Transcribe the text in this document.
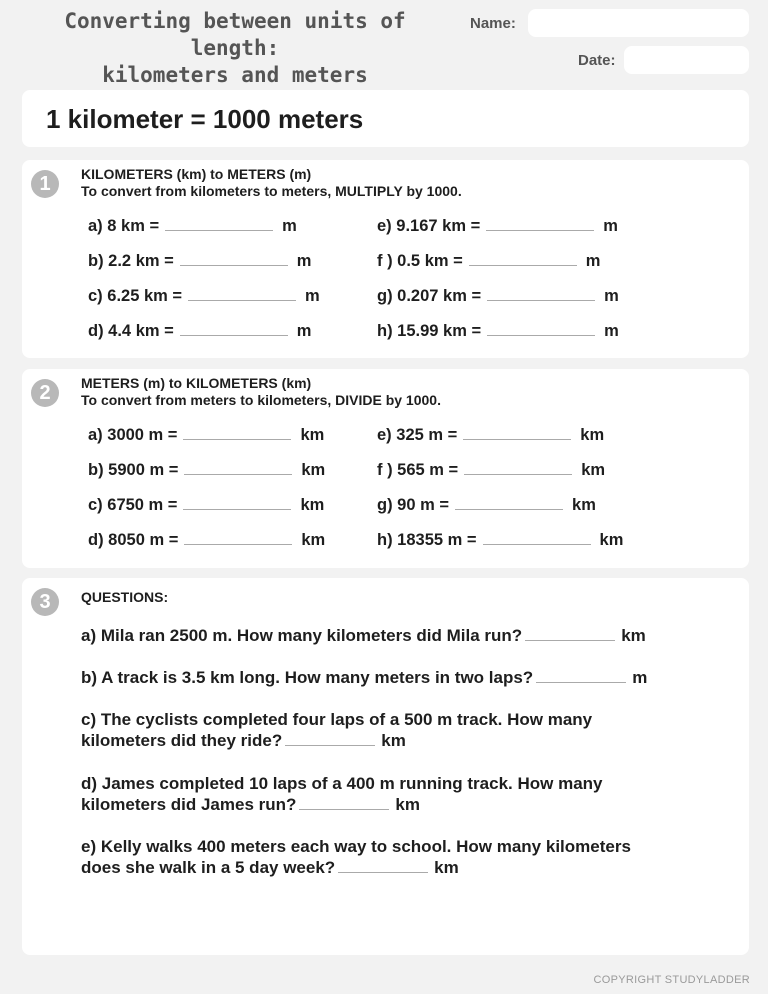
Converting between units of length:
kilometers and meters
Name:
Date:
1 kilometer = 1000 meters
1	KILOMETERS (km) to METERS (m)
To convert from kilometers to meters, MULTIPLY by 1000.
a) 8 km =	m
b) 2.2 km =	m
c) 6.25 km =	m
d) 4.4 km =	m
e) 9.167 km =	m
f ) 0.5 km =	m
g) 0.207 km =	m
h) 15.99 km =	m
2	METERS (m) to KILOMETERS (km)
To convert from meters to kilometers, DIVIDE by 1000.
a) 3000 m =	km
b) 5900 m =	km
c) 6750 m =	km
d) 8050 m =	km
e) 325 m =	km
f ) 565 m =	km
g) 90 m =	km
h) 18355 m =	km
3	QUESTIONS:
a) Mila ran 2500 m. How many kilometers did Mila run?	km
b) A track is 3.5 km long. How many meters in two laps?	m
c) The cyclists completed four laps of a 500 m track. How many
kilometers did they ride?	km
d) James completed 10 laps of a 400 m running track. How many
kilometers did James run?	km
e) Kelly walks 400 meters each way to school. How many kilometers
does she walk in a 5 day week?	km
COPYRIGHT STUDYLADDER
